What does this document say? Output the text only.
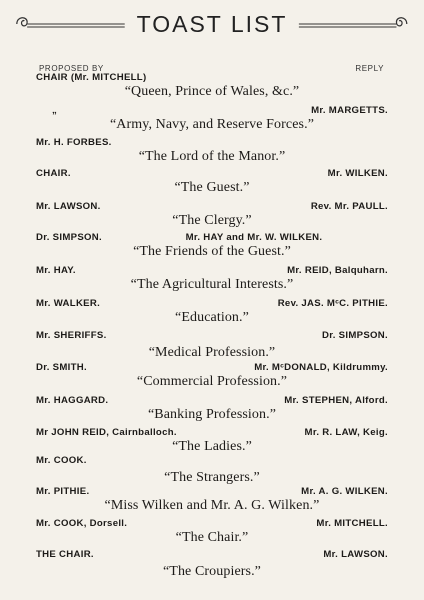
TOAST LIST
PROPOSED BY	REPLY
CHAIR (Mr. MITCHELL)
“Queen, Prince of Wales, &c.”
„	Mr. MARGETTS.
“Army, Navy, and Reserve Forces.”
Mr. H. FORBES.
“The Lord of the Manor.”
CHAIR.	Mr. WILKEN.
“The Guest.”
Mr. LAWSON.	Rev. Mr. PAULL.
“The Clergy.”
Dr. SIMPSON.	Mr. HAY and Mr. W. WILKEN.
“The Friends of the Guest.”
Mr. HAY.	Mr. REID, Balquharn.
“The Agricultural Interests.”
Mr. WALKER.	Rev. JAS. MᶜC. PITHIE.
“Education.”
Mr. SHERIFFS.	Dr. SIMPSON.
“Medical Profession.”
Dr. SMITH.	Mr. MᶜDONALD, Kildrummy.
“Commercial Profession.”
Mr. HAGGARD.	Mr. STEPHEN, Alford.
“Banking Profession.”
Mr JOHN REID, Cairnballoch.	Mr. R. LAW, Keig.
“The Ladies.”
Mr. COOK.
“The Strangers.”
Mr. PITHIE.	Mr. A. G. WILKEN.
“Miss Wilken and Mr. A. G. Wilken.”
Mr. COOK, Dorsell.	Mr. MITCHELL.
“The Chair.”
THE CHAIR.	Mr. LAWSON.
“The Croupiers.”
